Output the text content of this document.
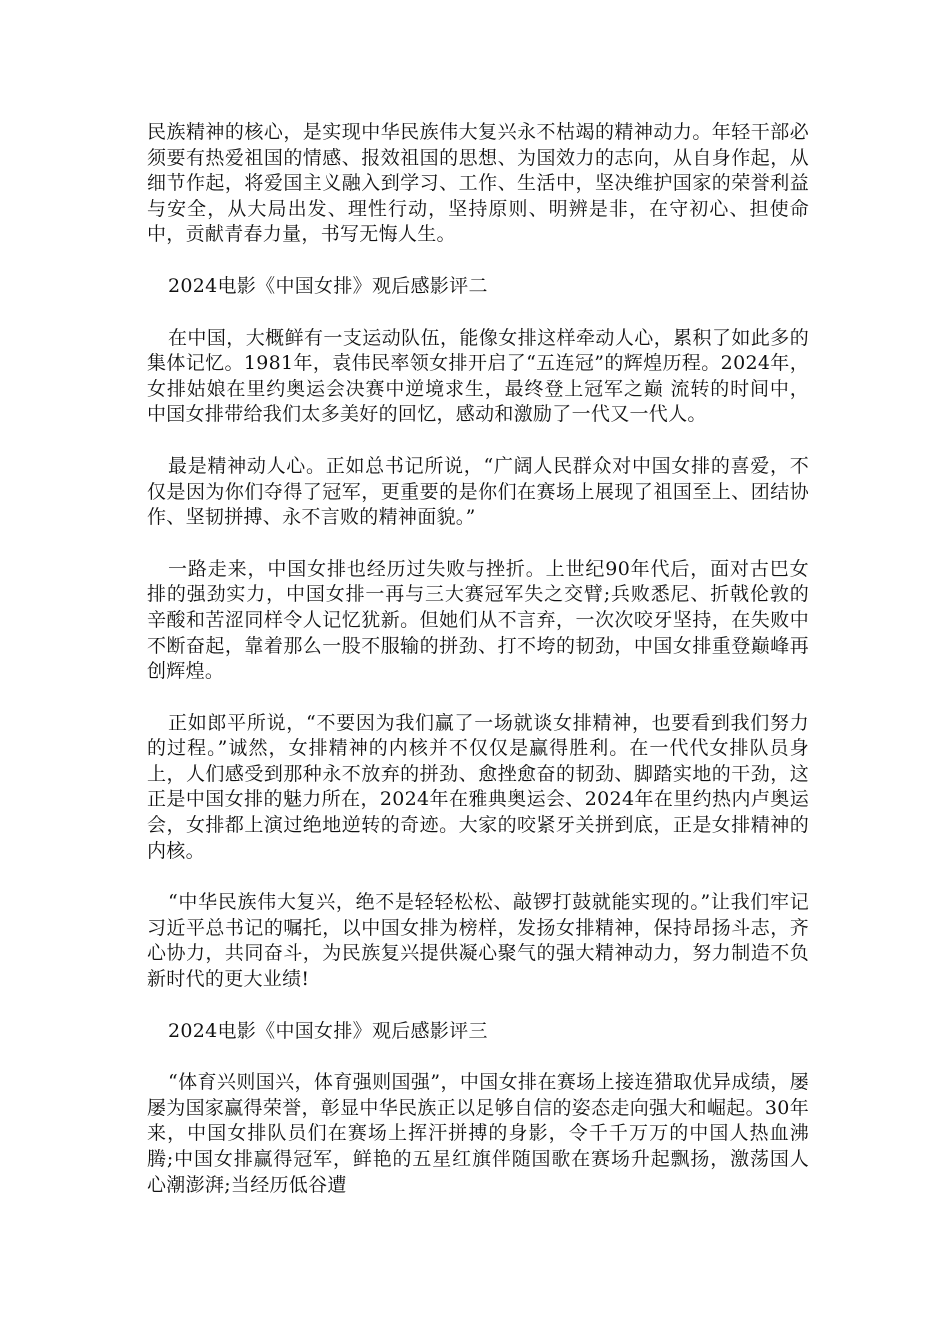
民族精神的核心，是实现中华民族伟大复兴永不枯竭的精神动力。年轻干部必须要有热爱祖国的情感、报效祖国的思想、为国效力的志向，从自身作起，从细节作起，将爱国主义融入到学习、工作、生活中，坚决维护国家的荣誉利益与安全，从大局出发、理性行动，坚持原则、明辨是非，在守初心、担使命中，贡献青春力量，书写无悔人生。

2024电影《中国女排》观后感影评二

在中国，大概鲜有一支运动队伍，能像女排这样牵动人心，累积了如此多的集体记忆。1981年，袁伟民率领女排开启了“五连冠”的辉煌历程。2024年，女排姑娘在里约奥运会决赛中逆境求生，最终登上冠军之巅 流转的时间中，中国女排带给我们太多美好的回忆，感动和激励了一代又一代人。

最是精神动人心。正如总书记所说，“广阔人民群众对中国女排的喜爱，不仅是因为你们夺得了冠军，更重要的是你们在赛场上展现了祖国至上、团结协作、坚韧拼搏、永不言败的精神面貌。”

一路走来，中国女排也经历过失败与挫折。上世纪90年代后，面对古巴女排的强劲实力，中国女排一再与三大赛冠军失之交臂;兵败悉尼、折戟伦敦的辛酸和苦涩同样令人记忆犹新。但她们从不言弃，一次次咬牙坚持，在失败中不断奋起，靠着那么一股不服输的拼劲、打不垮的韧劲，中国女排重登巅峰再创辉煌。

正如郎平所说，“不要因为我们赢了一场就谈女排精神，也要看到我们努力的过程。”诚然，女排精神的内核并不仅仅是赢得胜利。在一代代女排队员身上，人们感受到那种永不放弃的拼劲、愈挫愈奋的韧劲、脚踏实地的干劲，这正是中国女排的魅力所在，2024年在雅典奥运会、2024年在里约热内卢奥运会，女排都上演过绝地逆转的奇迹。大家的咬紧牙关拼到底，正是女排精神的内核。

“中华民族伟大复兴，绝不是轻轻松松、敲锣打鼓就能实现的。”让我们牢记习近平总书记的嘱托，以中国女排为榜样，发扬女排精神，保持昂扬斗志，齐心协力，共同奋斗，为民族复兴提供凝心聚气的强大精神动力，努力制造不负新时代的更大业绩!

2024电影《中国女排》观后感影评三

“体育兴则国兴，体育强则国强”，中国女排在赛场上接连猎取优异成绩，屡屡为国家赢得荣誉，彰显中华民族正以足够自信的姿态走向强大和崛起。30年来，中国女排队员们在赛场上挥汗拼搏的身影，令千千万万的中国人热血沸腾;中国女排赢得冠军，鲜艳的五星红旗伴随国歌在赛场升起飘扬，激荡国人心潮澎湃;当经历低谷遭
